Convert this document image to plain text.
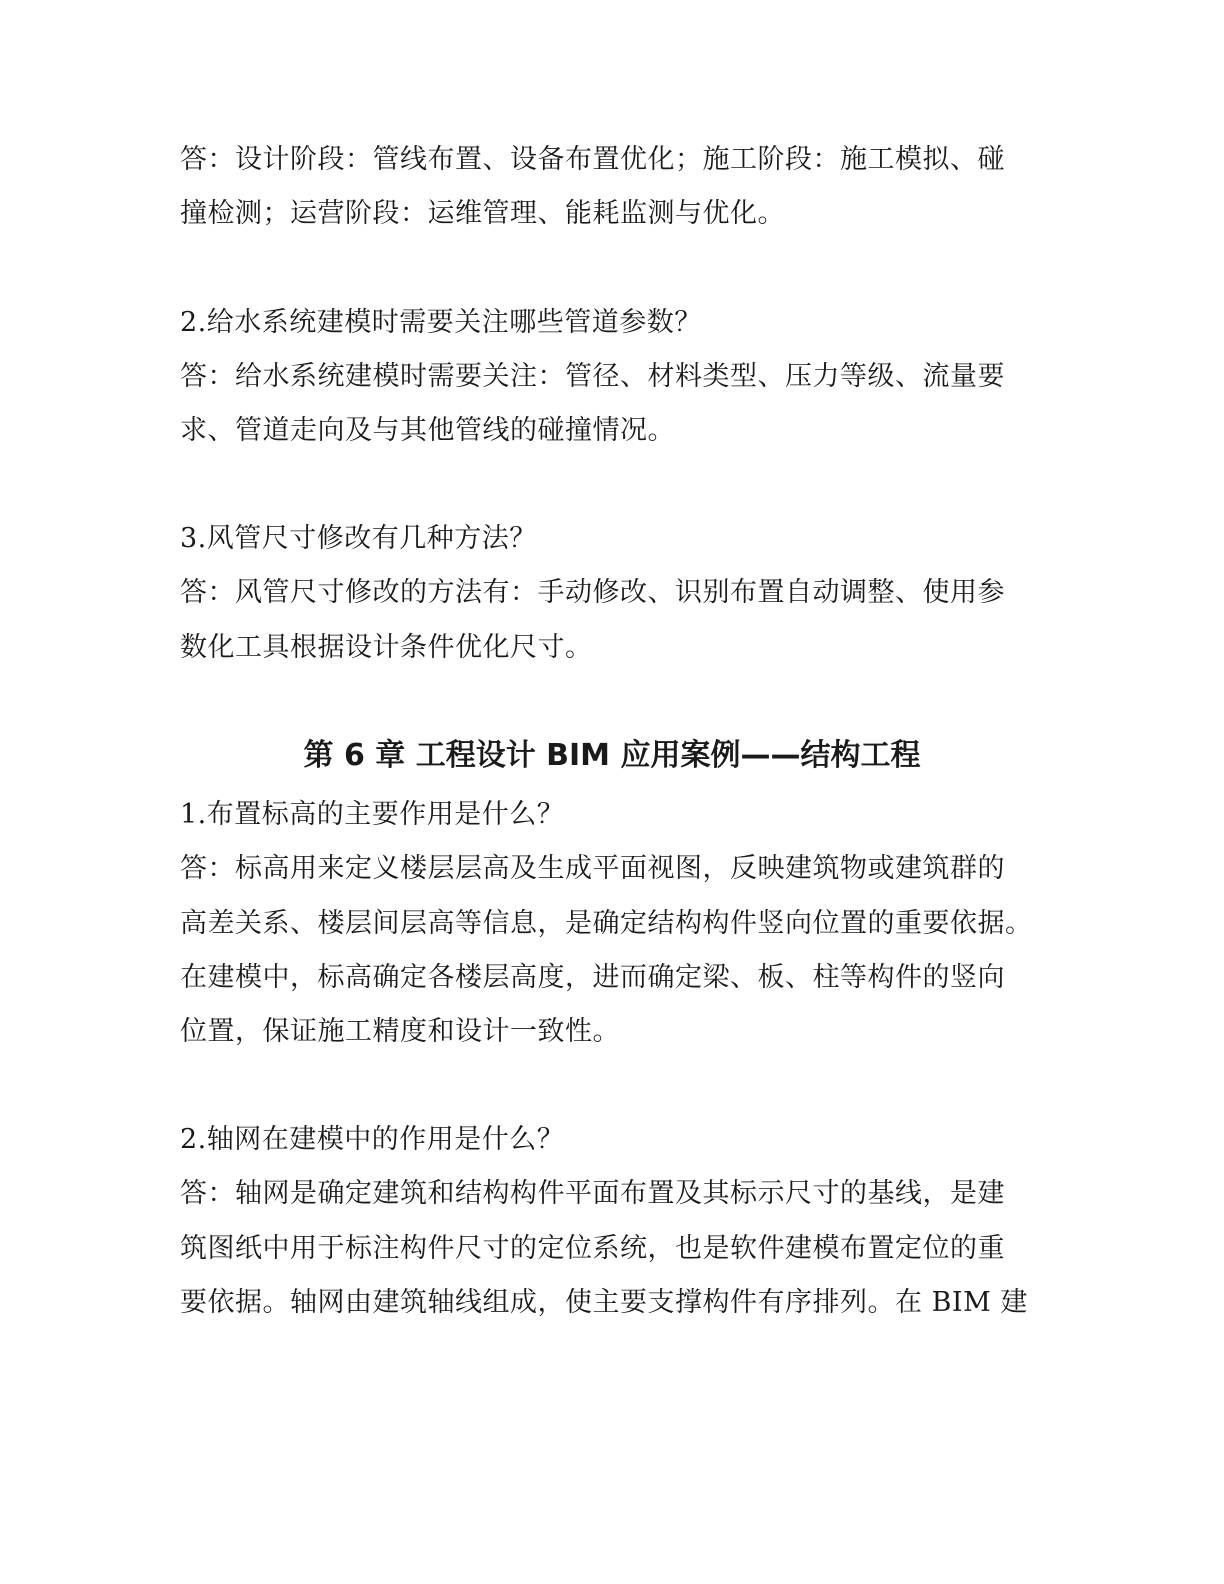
答：设计阶段：管线布置、设备布置优化；施工阶段：施工模拟、碰

撞检测；运营阶段：运维管理、能耗监测与优化。

2.给水系统建模时需要关注哪些管道参数？

答：给水系统建模时需要关注：管径、材料类型、压力等级、流量要

求、管道走向及与其他管线的碰撞情况。

3.风管尺寸修改有几种方法？

答：风管尺寸修改的方法有：手动修改、识别布置自动调整、使用参

数化工具根据设计条件优化尺寸。

第 6 章 工程设计 BIM 应用案例——结构工程

1.布置标高的主要作用是什么？

答：标高用来定义楼层层高及生成平面视图，反映建筑物或建筑群的

高差关系、楼层间层高等信息，是确定结构构件竖向位置的重要依据。

在建模中，标高确定各楼层高度，进而确定梁、板、柱等构件的竖向

位置，保证施工精度和设计一致性。

2.轴网在建模中的作用是什么？

答：轴网是确定建筑和结构构件平面布置及其标示尺寸的基线，是建

筑图纸中用于标注构件尺寸的定位系统，也是软件建模布置定位的重

要依据。轴网由建筑轴线组成，使主要支撑构件有序排列。在 BIM 建
